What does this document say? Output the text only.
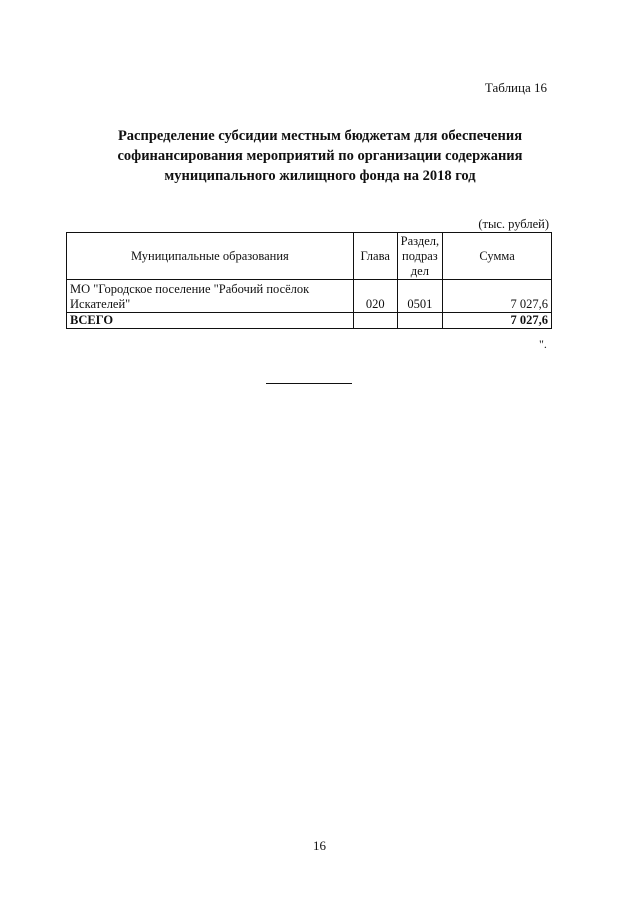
Таблица 16
Распределение субсидии местным бюджетам для обеспечения
софинансирования мероприятий по организации содержания
муниципального жилищного фонда на 2018 год
(тыс. рублей)
Муниципальные образования	Глава	Раздел,
подраз
дел	Сумма

МО "Городское поселение "Рабочий посёлок
Искателей"	020	0501	7 027,6
ВСЕГО			7 027,6
".
16
